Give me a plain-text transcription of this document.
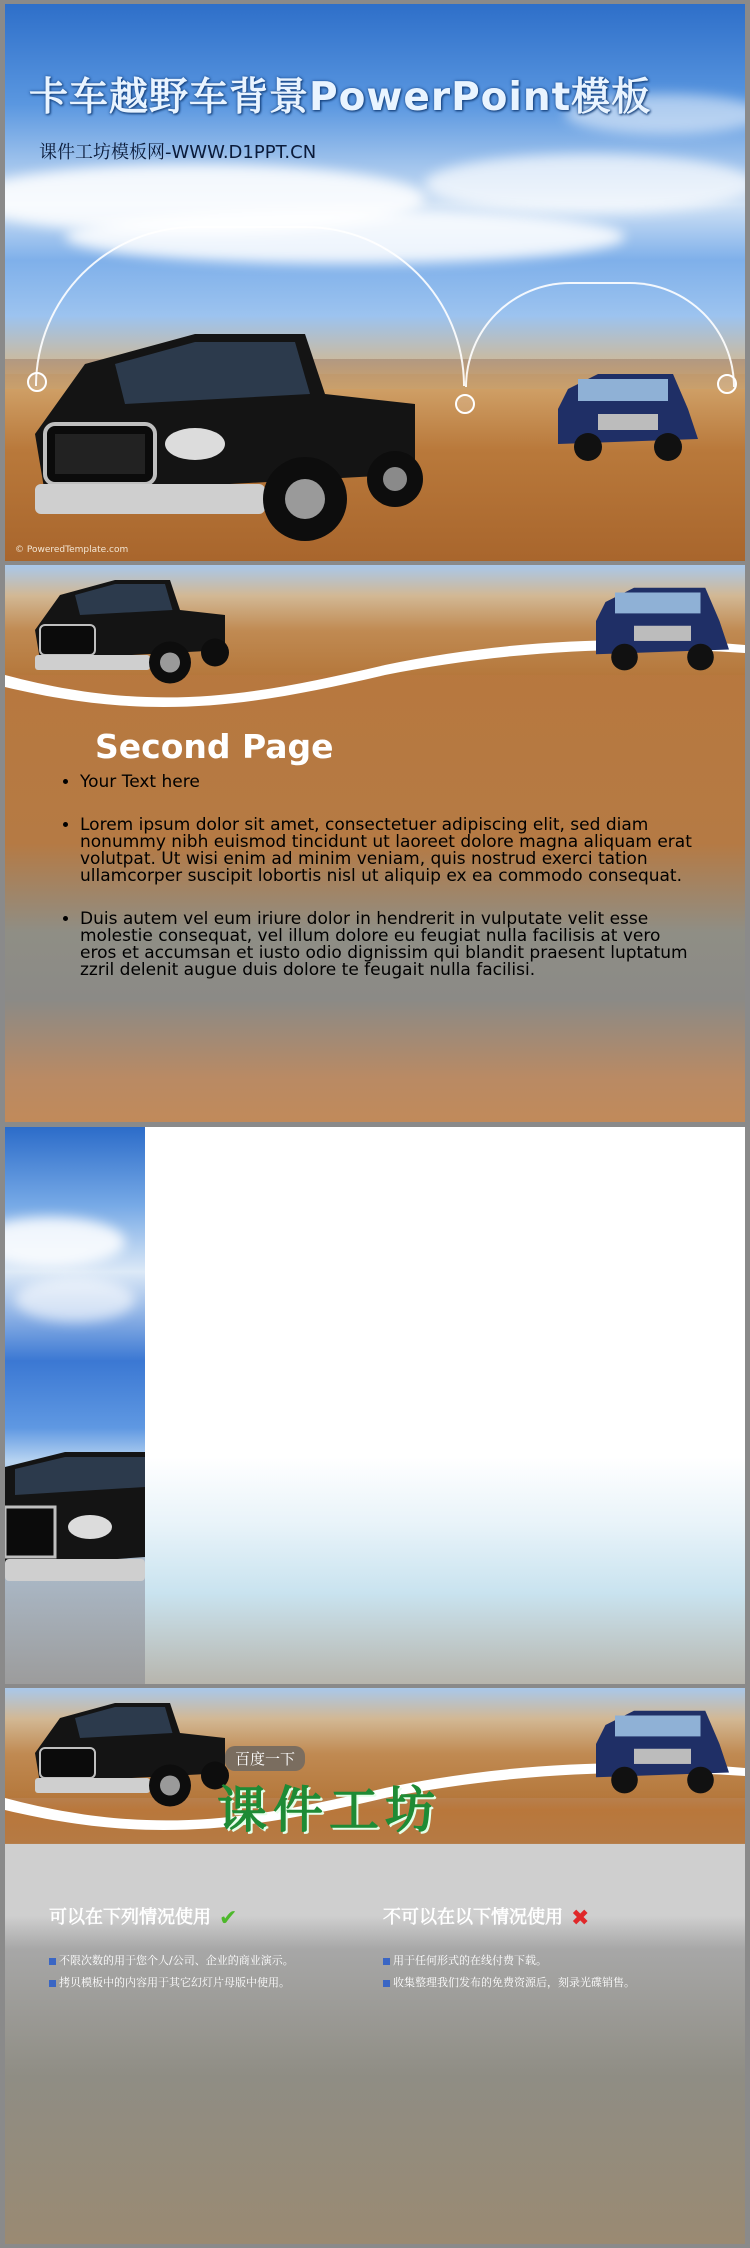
卡车越野车背景PowerPoint模板
课件工坊模板网-WWW.D1PPT.CN
© PoweredTemplate.com
Second Page
• Your Text here
• Lorem ipsum dolor sit amet, consectetuer adipiscing elit, sed diam nonummy nibh euismod tincidunt ut laoreet dolore magna aliquam erat volutpat. Ut wisi enim ad minim veniam, quis nostrud exerci tation ullamcorper suscipit lobortis nisl ut aliquip ex ea commodo consequat.
• Duis autem vel eum iriure dolor in hendrerit in vulputate velit esse molestie consequat, vel illum dolore eu feugiat nulla facilisis at vero eros et accumsan et iusto odio dignissim qui blandit praesent luptatum zzril delenit augue duis dolore te feugait nulla facilisi.
百度一下
课件工坊
可以在下列情况使用 ✔
不限次数的用于您个人/公司、企业的商业演示。
拷贝模板中的内容用于其它幻灯片母版中使用。
不可以在以下情况使用 ✖
用于任何形式的在线付费下载。
收集整理我们发布的免费资源后，刻录光碟销售。
